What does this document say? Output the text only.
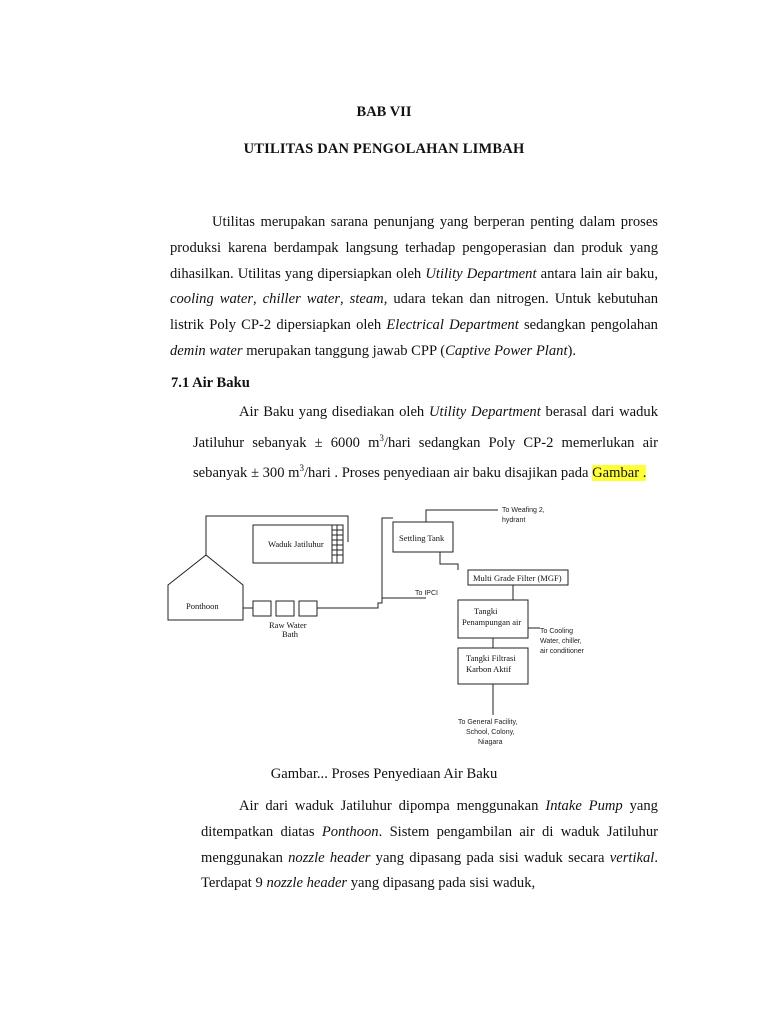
BAB VII
UTILITAS DAN PENGOLAHAN LIMBAH

Utilitas merupakan sarana penunjang yang berperan penting dalam proses produksi karena berdampak langsung terhadap pengoperasian dan produk yang dihasilkan. Utilitas yang dipersiapkan oleh Utility Department antara lain air baku, cooling water, chiller water, steam, udara tekan dan nitrogen. Untuk kebutuhan listrik Poly CP-2 dipersiapkan oleh Electrical Department sedangkan pengolahan demin water merupakan tanggung jawab CPP (Captive Power Plant).

7.1 Air Baku

Air Baku yang disediakan oleh Utility Department berasal dari waduk Jatiluhur sebanyak ± 6000 $m^3$/hari sedangkan Poly CP-2 memerlukan air sebanyak ± 300 $m^3$/hari . Proses penyediaan air baku disajikan pada Gambar .

Waduk Jatiluhur
Ponthoon
Raw Water
Bath
Settling Tank
Multi Grade Filter (MGF)
Tangki
Penampungan air
Tangki Filtrasi
Karbon Aktif
To Weafing 2,
hydrant
To IPCI
To Cooling
Water, chiller,
air conditioner
To General Facility,
School, Colony,
Niagara
Gambar... Proses Penyediaan Air Baku

Air dari waduk Jatiluhur dipompa menggunakan Intake Pump yang ditempatkan diatas Ponthoon. Sistem pengambilan air di waduk Jatiluhur menggunakan nozzle header yang dipasang pada sisi waduk secara vertikal. Terdapat 9 nozzle header yang dipasang pada sisi waduk,
